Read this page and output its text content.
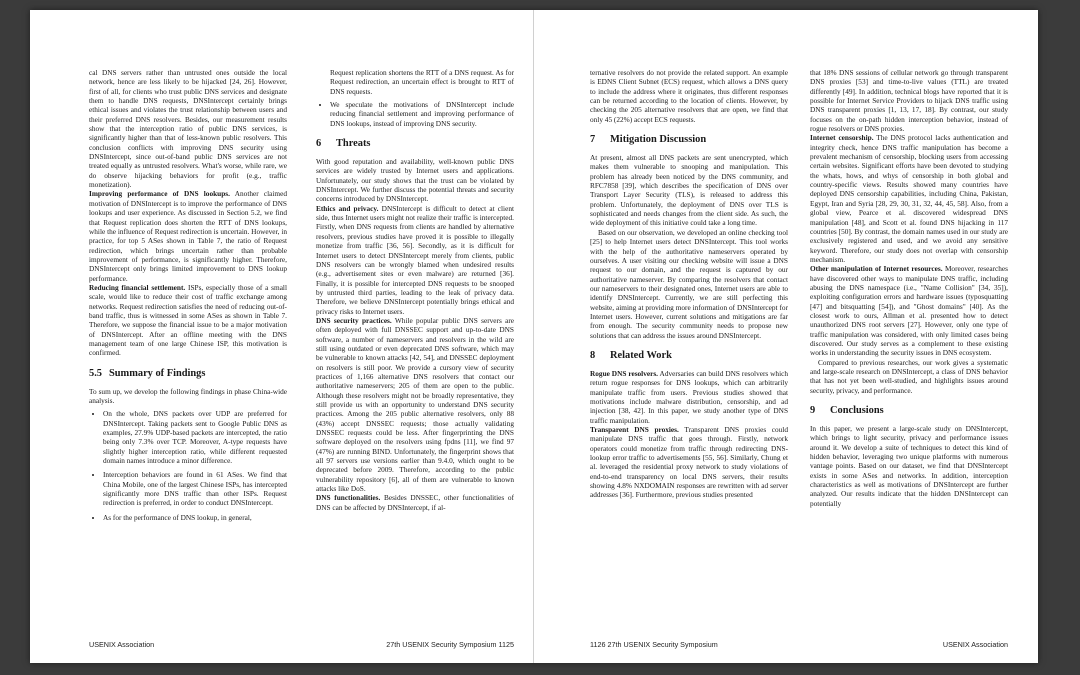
cal DNS servers rather than untrusted ones outside the local network, hence are less likely to be hijacked [24, 26]. However, first of all, for clients who trust public DNS services and designate them to handle DNS requests, DNSIntercept certainly brings ethical issues and violates the trust relationship between users and their preferred DNS resolvers. Besides, our measurement results show that the interception ratio of public DNS services, is significantly higher than that of less-known public resolvers. This conclusion conflicts with improving DNS security using DNSIntercept, since out-of-band public DNS services are not treated equally as untrusted resolvers. What's worse, while rare, we do observe hijacking behaviors for profit (e.g., traffic monetization).

Improving performance of DNS lookups. Another claimed motivation of DNSIntercept is to improve the performance of DNS lookups and user experience. As discussed in Section 5.2, we find that Request replication does shorten the RTT of DNS lookups, while the influence of Request redirection is uncertain. However, in practice, for top 5 ASes shown in Table 7, the ratio of Request redirection, which brings uncertain rather than probable improvement of performance, is significantly higher. Therefore, DNSIntercept only brings limited improvement to DNS lookup performance.

Reducing financial settlement. ISPs, especially those of a small scale, would like to reduce their cost of traffic exchange among networks. Request redirection satisfies the need of reducing out-of-band traffic, thus is witnessed in some ASes as shown in Table 7. Therefore, we suppose the financial issue to be a major motivation of DNSIntercept. After an offline meeting with the DNS management team of one large Chinese ISP, this motivation is confirmed.

5.5 Summary of Findings

To sum up, we develop the following findings in phase China-wide analysis.

• On the whole, DNS packets over UDP are preferred for DNSIntercept. Taking packets sent to Google Public DNS as examples, 27.9% UDP-based packets are intercepted, the ratio being only 7.3% over TCP. Moreover, A-type requests have slightly higher interception ratio, while different requested domain names introduce a minor difference.
• Interception behaviors are found in 61 ASes. We find that China Mobile, one of the largest Chinese ISPs, has intercepted significantly more DNS traffic than other ISPs. Request redirection is preferred, in order to conduct DNSIntercept.
• As for the performance of DNS lookup, in general,

Request replication shortens the RTT of a DNS request. As for Request redirection, an uncertain effect is brought to RTT of DNS requests.

• We speculate the motivations of DNSIntercept include reducing financial settlement and improving performance of DNS lookups, instead of improving DNS security.
6 Threats

With good reputation and availability, well-known public DNS services are widely trusted by Internet users and applications. Unfortunately, our study shows that the trust can be violated by DNSIntercept. We further discuss the potential threats and security concerns introduced by DNSIntercept.

Ethics and privacy. DNSIntercept is difficult to detect at client side, thus Internet users might not realize their traffic is intercepted. Firstly, when DNS requests from clients are handled by alternative resolvers, previous studies have proved it is possible to illegally monetize from traffic [36, 56]. Secondly, as it is difficult for Internet users to detect DNSIntercept merely from clients, public DNS resolvers can be wrongly blamed when undesired results (e.g., advertisement sites or even malware) are returned [36]. Finally, it is possible for intercepted DNS requests to be snooped by untrusted third parties, leading to the leak of privacy data. Therefore, we believe DNSIntercept potentially brings ethical and privacy risks to Internet users.

DNS security practices. While popular public DNS servers are often deployed with full DNSSEC support and up-to-date DNS software, a number of nameservers and resolvers in the wild are still using outdated or even deprecated DNS software, which may be vulnerable to known attacks [42, 54], and DNSSEC deployment on resolvers is still poor. We provide a cursory view of security practices of 1,166 alternative DNS resolvers that contact our authoritative nameservers; 205 of them are open to the public. Although these resolvers might not be broadly representative, they still provide us with an opportunity to understand DNS security practices. Among the 205 public alternative resolvers, only 88 (43%) accept DNSSEC requests; those actually validating DNSSEC requests could be less. After fingerprinting the DNS software deployed on the resolvers using fpdns [11], we find 97 (47%) are running BIND. Unfortunately, the fingerprint shows that all 97 servers use versions earlier than 9.4.0, which ought to be deprecated before 2009. Therefore, according to the public vulnerability repository [6], all of them are vulnerable to known attacks like DoS.

DNS functionalities. Besides DNSSEC, other functionalities of DNS can be affected by DNSIntercept, if al-

USENIX Association	27th USENIX Security Symposium 1125

ternative resolvers do not provide the related support. An example is EDNS Client Subnet (ECS) request, which allows a DNS query to include the address where it originates, thus different responses can be returned according to the location of clients. However, by checking the 205 alternative resolvers that are open, we find that only 45 (22%) accept ECS requests.

7 Mitigation Discussion

At present, almost all DNS packets are sent unencrypted, which makes them vulnerable to snooping and manipulation. This problem has already been noticed by the DNS community, and RFC7858 [39], which describes the specification of DNS over Transport Layer Security (TLS), is released to address this problem. Unfortunately, the deployment of DNS over TLS is sophisticated and needs changes from the client side. As such, the wide deployment of this initiative could take a long time.

Based on our observation, we developed an online checking tool [25] to help Internet users detect DNSIntercept. This tool works with the help of the authoritative nameservers operated by ourselves. A user visiting our checking website will issue a DNS request to our domain, and the request is captured by our authoritative nameserver. By comparing the resolvers that contact our nameservers to their designated ones, Internet users are able to identify DNSIntercept. Currently, we are still perfecting this website, aiming at providing more information of DNSIntercept for Internet users. However, current solutions and mitigations are far from enough. The security community needs to propose new solutions that can address the issues around DNSIntercept.

8 Related Work

Rogue DNS resolvers. Adversaries can build DNS resolvers which return rogue responses for DNS lookups, which can arbitrarily manipulate traffic from users. Previous studies showed that motivations include malware distribution, censorship, and ad injection [38, 42]. In this paper, we study another type of DNS traffic manipulation.

Transparent DNS proxies. Transparent DNS proxies could manipulate DNS traffic that goes through. Firstly, network operators could monetize from traffic through redirecting DNS-lookup error traffic to advertisements [55, 56]. Similarly, Chung et al. leveraged the residential proxy network to study violations of end-to-end transparency on local DNS servers, their results showing 4.8% NXDOMAIN responses are rewritten with ad server addresses [36]. Furthermore, previous studies presented

that 18% DNS sessions of cellular network go through transparent DNS proxies [53] and time-to-live values (TTL) are treated differently [49]. In addition, technical blogs have reported that it is possible for Internet Service Providers to hijack DNS traffic using DNS transparent proxies [1, 13, 17, 18]. By contrast, our study focuses on the on-path hidden interception behavior, instead of rogue resolvers or DNS proxies.

Internet censorship. The DNS protocol lacks authentication and integrity check, hence DNS traffic manipulation has become a prevalent mechanism of censorship, blocking users from accessing certain websites. Significant efforts have been devoted to studying the whats, hows, and whys of censorship in both global and country-specific views. Results showed many countries have deployed DNS censorship capabilities, including China, Pakistan, Egypt, Iran and Syria [28, 29, 30, 31, 32, 44, 45, 58]. Also, from a global view, Pearce et al. discovered widespread DNS manipulation [48], and Scott et al. found DNS hijacking in 117 countries [50]. By contrast, the domain names used in our study are exclusively registered and used, and we avoid any sensitive keyword. Therefore, our study does not overlap with censorship mechanism.

Other manipulation of Internet resources. Moreover, researches have discovered other ways to manipulate DNS traffic, including abusing the DNS namespace (i.e., "Name Collision" [34, 35]), exploiting configuration errors and hardware issues (typosquatting [47] and bitsquatting [54]), and "Ghost domains" [40]. As the closest work to ours, Allman et al. presented how to detect unauthorized DNS root servers [27]. However, only one type of traffic manipulation was considered, with only limited cases being discovered. Our study serves as a complement to these existing works in understanding the security issues in DNS ecosystem.

Compared to previous researches, our work gives a systematic and large-scale research on DNSIntercept, a class of DNS behavior that has not yet been well-studied, and highlights issues around security, privacy, and performance.

9 Conclusions

In this paper, we present a large-scale study on DNSIntercept, which brings to light security, privacy and performance issues around it. We develop a suite of techniques to detect this kind of hidden behavior, leveraging two unique platforms with numerous vantage points. Based on our dataset, we find that DNSIntercept exists in some ASes and networks. In addition, interception characteristics as well as motivations of DNSIntercept are further analyzed. Our results indicate that the hidden DNSIntercept can potentially

1126 27th USENIX Security Symposium	USENIX Association
